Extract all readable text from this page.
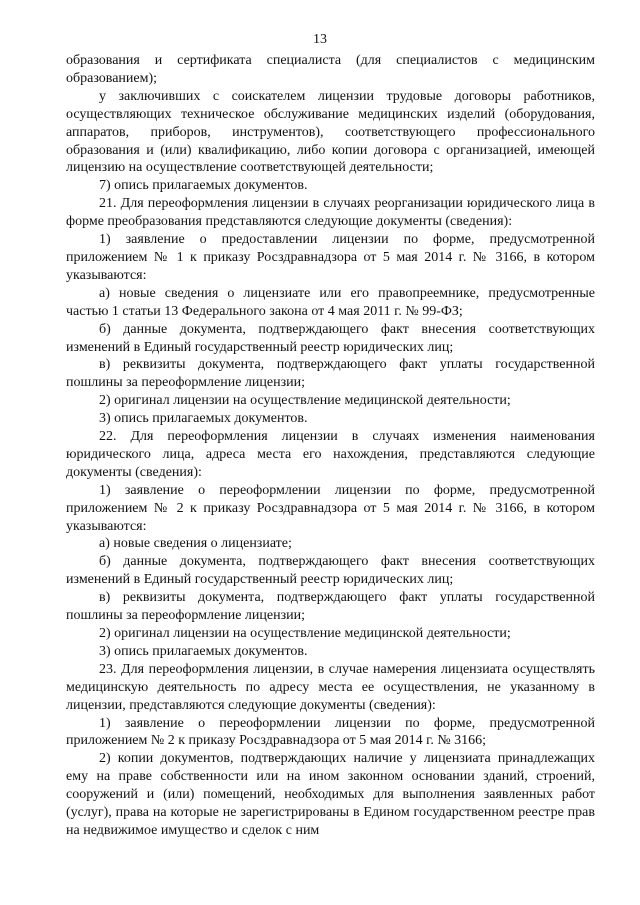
13

образования и сертификата специалиста (для специалистов с медицинским образованием);

у заключивших с соискателем лицензии трудовые договоры работников, осуществляющих техническое обслуживание медицинских изделий (оборудования, аппаратов, приборов, инструментов), соответствующего профессионального образования и (или) квалификацию, либо копии договора с организацией, имеющей лицензию на осуществление соответствующей деятельности;

7) опись прилагаемых документов.

21. Для переоформления лицензии в случаях реорганизации юридического лица в форме преобразования представляются следующие документы (сведения):

1) заявление о предоставлении лицензии по форме, предусмотренной приложением № 1 к приказу Росздравнадзора от 5 мая 2014 г. № 3166, в котором указываются:

а) новые сведения о лицензиате или его правопреемнике, предусмотренные частью 1 статьи 13 Федерального закона от 4 мая 2011 г. № 99-ФЗ;

б) данные документа, подтверждающего факт внесения соответствующих изменений в Единый государственный реестр юридических лиц;

в) реквизиты документа, подтверждающего факт уплаты государственной пошлины за переоформление лицензии;

2) оригинал лицензии на осуществление медицинской деятельности;

3) опись прилагаемых документов.

22. Для переоформления лицензии в случаях изменения наименования юридического лица, адреса места его нахождения, представляются следующие документы (сведения):

1) заявление о переоформлении лицензии по форме, предусмотренной приложением № 2 к приказу Росздравнадзора от 5 мая 2014 г. № 3166, в котором указываются:

а) новые сведения о лицензиате;

б) данные документа, подтверждающего факт внесения соответствующих изменений в Единый государственный реестр юридических лиц;

в) реквизиты документа, подтверждающего факт уплаты государственной пошлины за переоформление лицензии;

2) оригинал лицензии на осуществление медицинской деятельности;

3) опись прилагаемых документов.

23. Для переоформления лицензии, в случае намерения лицензиата осуществлять медицинскую деятельность по адресу места ее осуществления, не указанному в лицензии, представляются следующие документы (сведения):

1) заявление о переоформлении лицензии по форме, предусмотренной приложением № 2 к приказу Росздравнадзора от 5 мая 2014 г. № 3166;

2) копии документов, подтверждающих наличие у лицензиата принадлежащих ему на праве собственности или на ином законном основании зданий, строений, сооружений и (или) помещений, необходимых для выполнения заявленных работ (услуг), права на которые не зарегистрированы в Едином государственном реестре прав на недвижимое имущество и сделок с ним
